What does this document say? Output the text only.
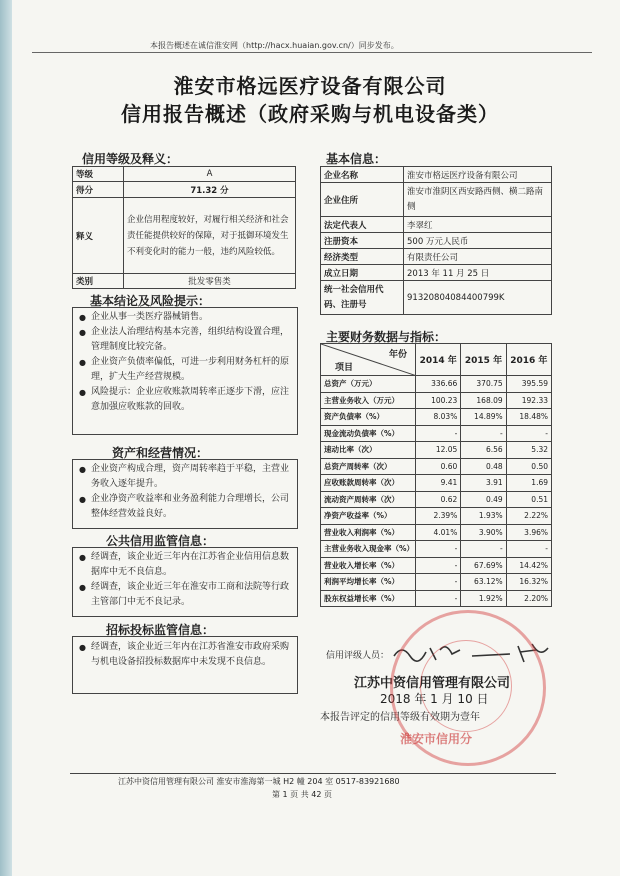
本报告概述在诚信淮安网（http://hacx.huaian.gov.cn/）同步发布。
淮安市格远医疗设备有限公司
信用报告概述（政府采购与机电设备类）
信用等级及释义：
等级	A
得分	71.32 分
释义	企业信用程度较好，对履行相关经济和社会责任能提供较好的保障，对于抵御环境发生不利变化时的能力一般，违约风险较低。
类别	批发零售类
基本结论及风险提示：
● 企业从事一类医疗器械销售。
● 企业法人治理结构基本完善，组织结构设置合理，管理制度比较完备。
● 企业资产负债率偏低，可进一步利用财务杠杆的原理，扩大生产经营规模。
● 风险提示：企业应收账款周转率正逐步下滑，应注意加强应收账款的回收。
资产和经营情况：
● 企业资产构成合理，资产周转率趋于平稳，主营业务收入逐年提升。
● 企业净资产收益率和业务盈利能力合理增长，公司整体经营效益良好。
公共信用监管信息：
● 经调查，该企业近三年内在江苏省企业信用信息数据库中无不良信息。
● 经调查，该企业近三年在淮安市工商和法院等行政主管部门中无不良记录。
招标投标监管信息：
● 经调查，该企业近三年内在江苏省淮安市政府采购与机电设备招投标数据库中未发现不良信息。
基本信息：
企业名称	淮安市格远医疗设备有限公司
企业住所	淮安市淮阴区西安路西侧、横二路南侧
法定代表人	李翠红
注册资本	500 万元人民币
经济类型	有限责任公司
成立日期	2013 年 11 月 25 日
统一社会信用代码、注册号	91320804084400799K
主要财务数据与指标：
年份
项目	2014 年	2015 年	2016 年
总资产（万元）	336.66	370.75	395.59
主营业务收入（万元）	100.23	168.09	192.33
资产负债率（%）	8.03%	14.89%	18.48%
现金流动负债率（%）	-	-	-
速动比率（次）	12.05	6.56	5.32
总资产周转率（次）	0.60	0.48	0.50
应收账款周转率（次）	9.41	3.91	1.69
流动资产周转率（次）	0.62	0.49	0.51
净资产收益率（%）	2.39%	1.93%	2.22%
营业收入利润率（%）	4.01%	3.90%	3.96%
主营业务收入现金率（%）	-	-	-
营业收入增长率（%）	-	67.69%	14.42%
利润平均增长率（%）	-	63.12%	16.32%
股东权益增长率（%）	-	1.92%	2.20%
信用评级人员：
江苏中资信用管理有限公司
2018 年 1 月 10 日
本报告评定的信用等级有效期为壹年
淮安市信用分
江苏中资信用管理有限公司 淮安市淮海第一城 H2 幢 204 室 0517-83921680
第 1 页 共 42 页
